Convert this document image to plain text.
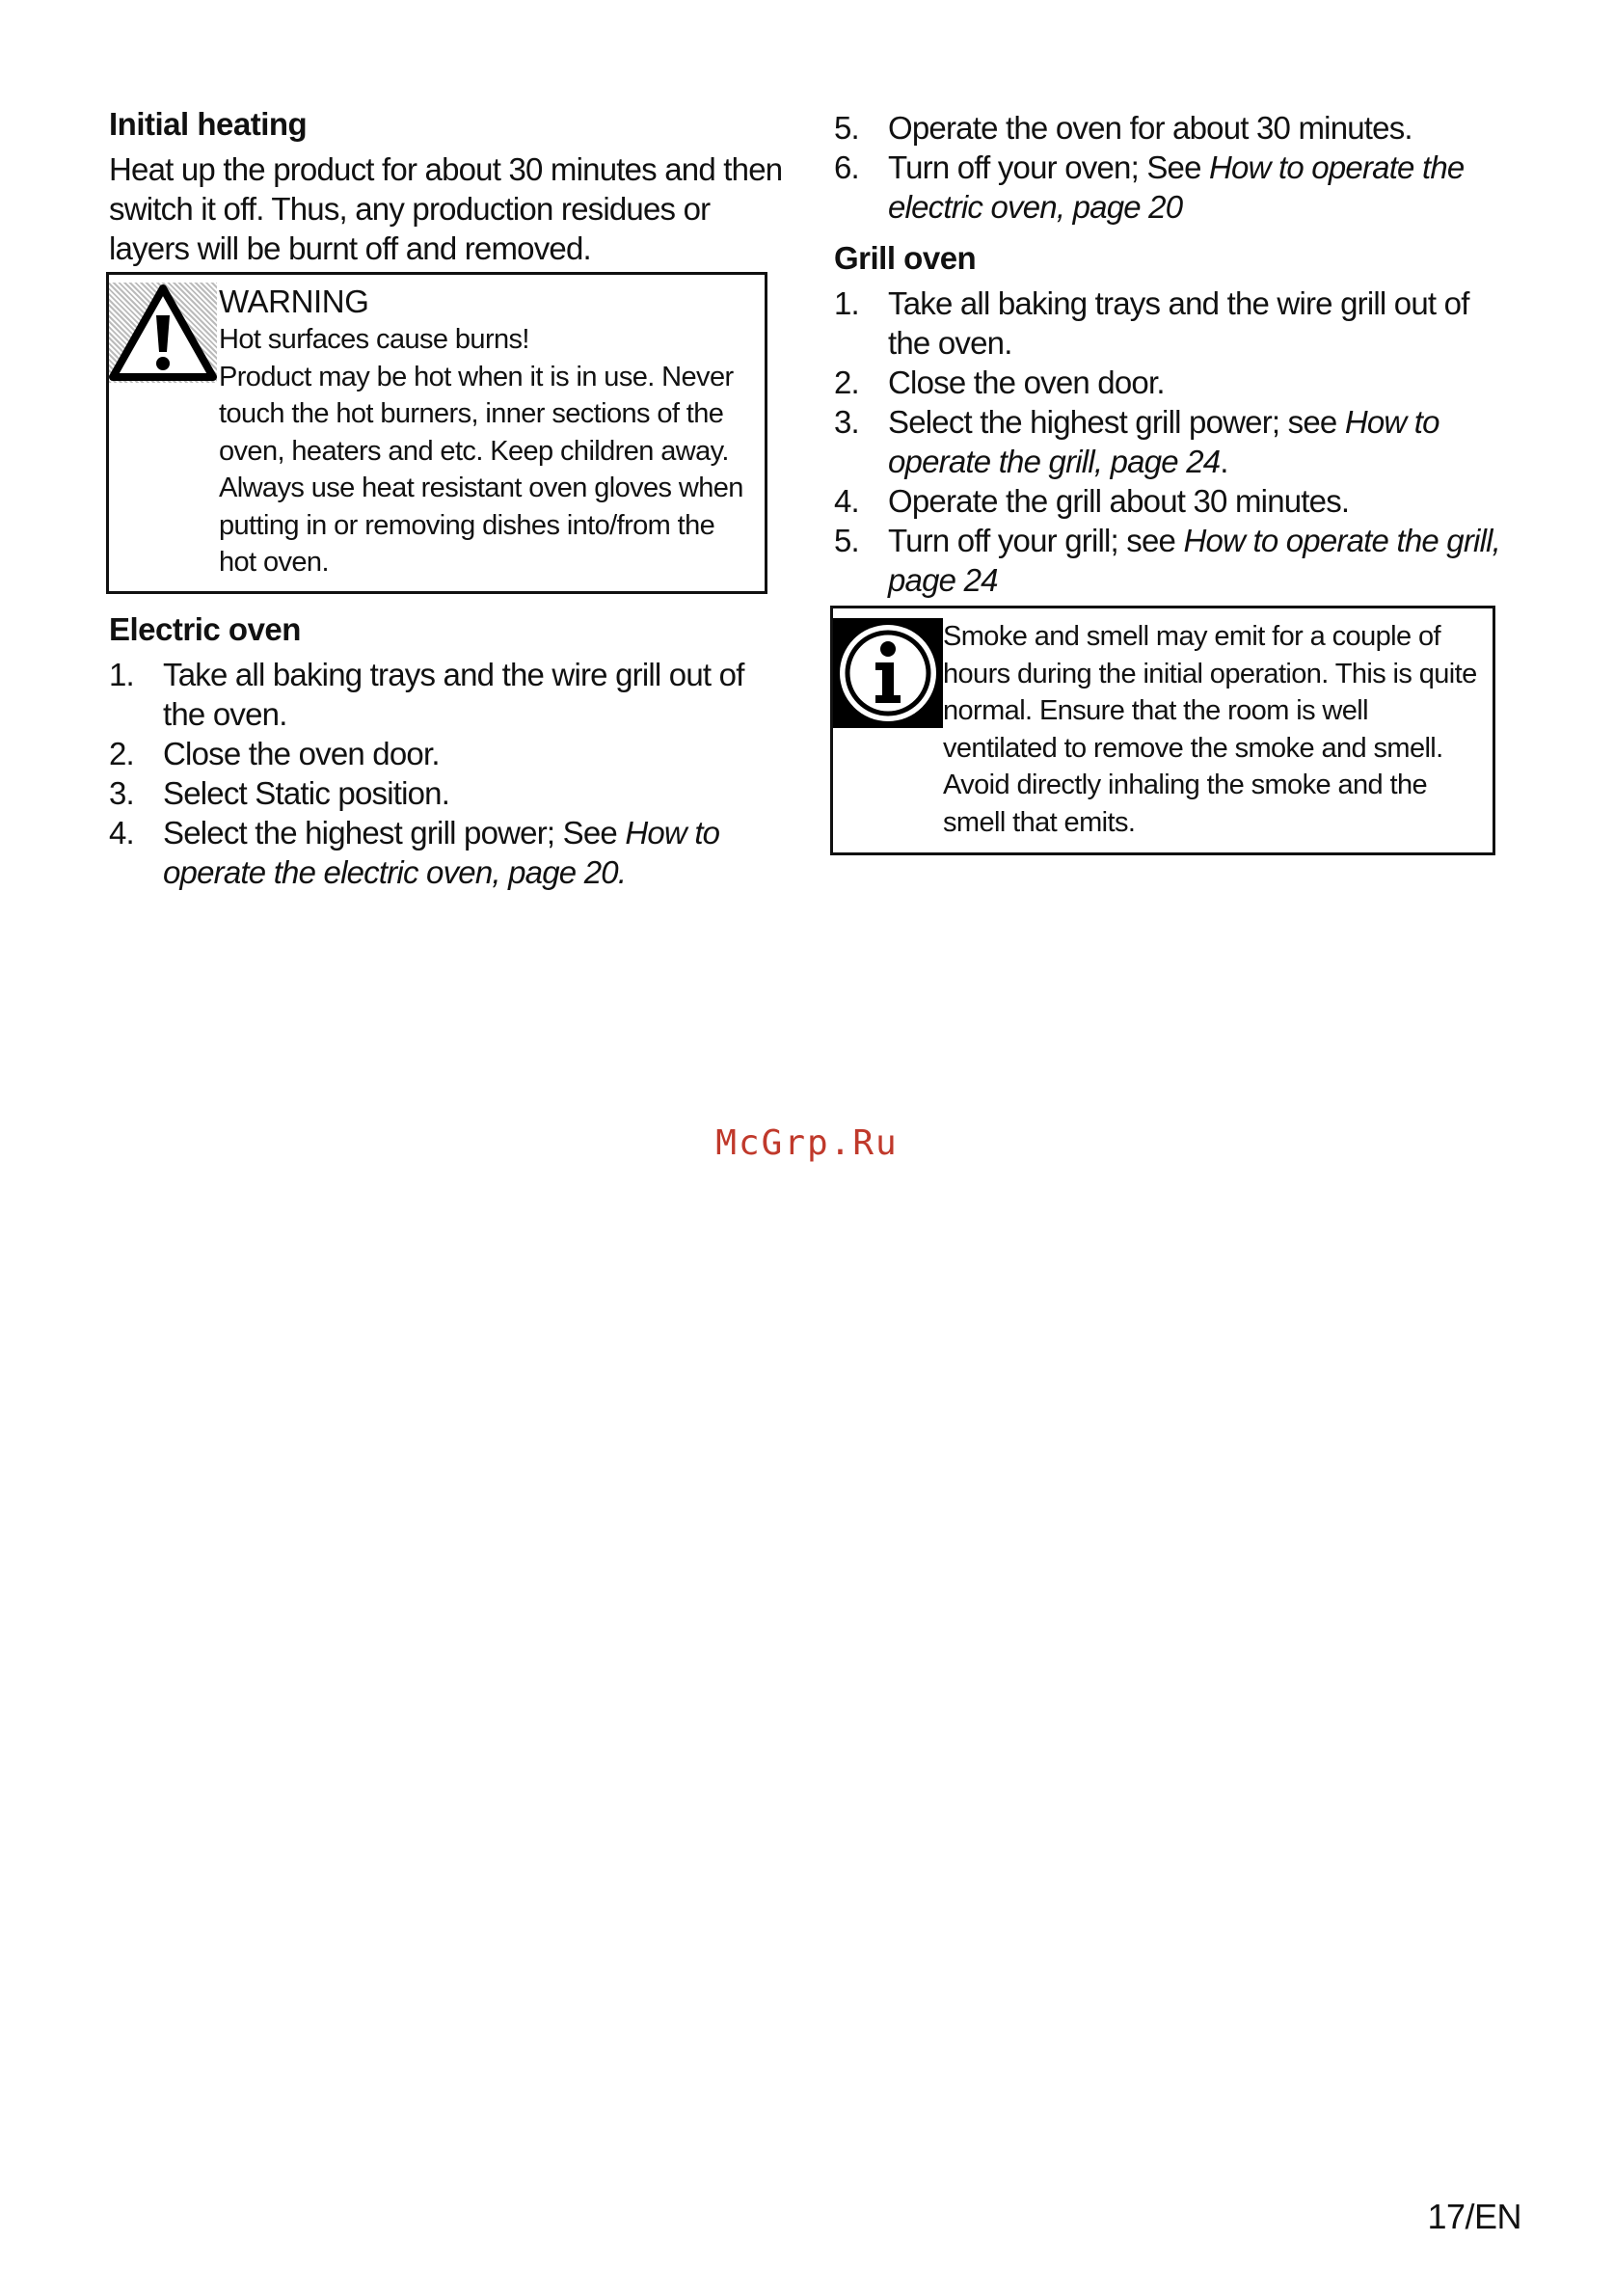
Initial heating

Heat up the product for about 30 minutes and then switch it off. Thus, any production residues or layers will be burnt off and removed.

WARNING
Hot surfaces cause burns!
Product may be hot when it is in use. Never touch the hot burners, inner sections of the oven, heaters and etc. Keep children away. Always use heat resistant oven gloves when putting in or removing dishes into/from the hot oven.
Electric oven
1. Take all baking trays and the wire grill out of the oven.
2. Close the oven door.
3. Select Static position.
4. Select the highest grill power; See How to operate the electric oven, page 20.
5. Operate the oven for about 30 minutes.
6. Turn off your oven; See How to operate the electric oven, page 20
Grill oven
1. Take all baking trays and the wire grill out of the oven.
2. Close the oven door.
3. Select the highest grill power; see How to operate the grill, page 24.
4. Operate the grill about 30 minutes.
5. Turn off your grill; see How to operate the grill, page 24
Smoke and smell may emit for a couple of hours during the initial operation. This is quite normal. Ensure that the room is well ventilated to remove the smoke and smell. Avoid directly inhaling the smoke and the smell that emits.
McGrp.Ru
17/EN
